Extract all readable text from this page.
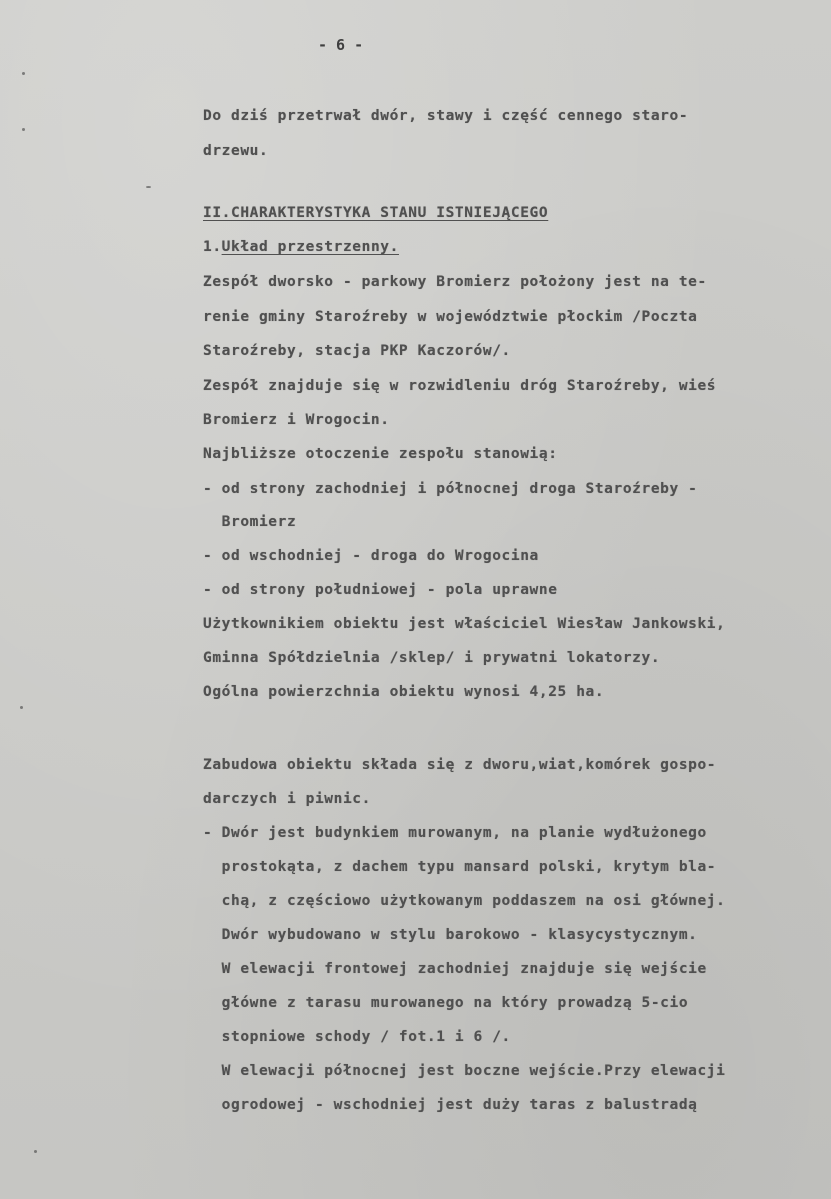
- 6 -
Do dziś przetrwał dwór, stawy i część cennego staro-
drzewu.
II.CHARAKTERYSTYKA STANU ISTNIEJĄCEGO
1.Układ przestrzenny.
Zespół dworsko - parkowy Bromierz położony jest na te-
renie gminy Staroźreby w województwie płockim /Poczta
Staroźreby, stacja PKP Kaczorów/.
Zespół znajduje się w rozwidleniu dróg Staroźreby, wieś
Bromierz i Wrogocin.
Najbliższe otoczenie zespołu stanowią:
- od strony zachodniej i północnej droga Staroźreby -
Bromierz
- od wschodniej - droga do Wrogocina
- od strony południowej - pola uprawne
Użytkownikiem obiektu jest właściciel Wiesław Jankowski,
Gminna Spółdzielnia /sklep/ i prywatni lokatorzy.
Ogólna powierzchnia obiektu wynosi 4,25 ha.
Zabudowa obiektu składa się z dworu,wiat,komórek gospo-
darczych i piwnic.
- Dwór jest budynkiem murowanym, na planie wydłużonego
prostokąta, z dachem typu mansard polski, krytym bla-
chą, z częściowo użytkowanym poddaszem na osi głównej.
Dwór wybudowano w stylu barokowo - klasycystycznym.
W elewacji frontowej zachodniej znajduje się wejście
główne z tarasu murowanego na który prowadzą 5-cio
stopniowe schody / fot.1 i 6 /.
W elewacji północnej jest boczne wejście.Przy elewacji
ogrodowej - wschodniej jest duży taras z balustradą
